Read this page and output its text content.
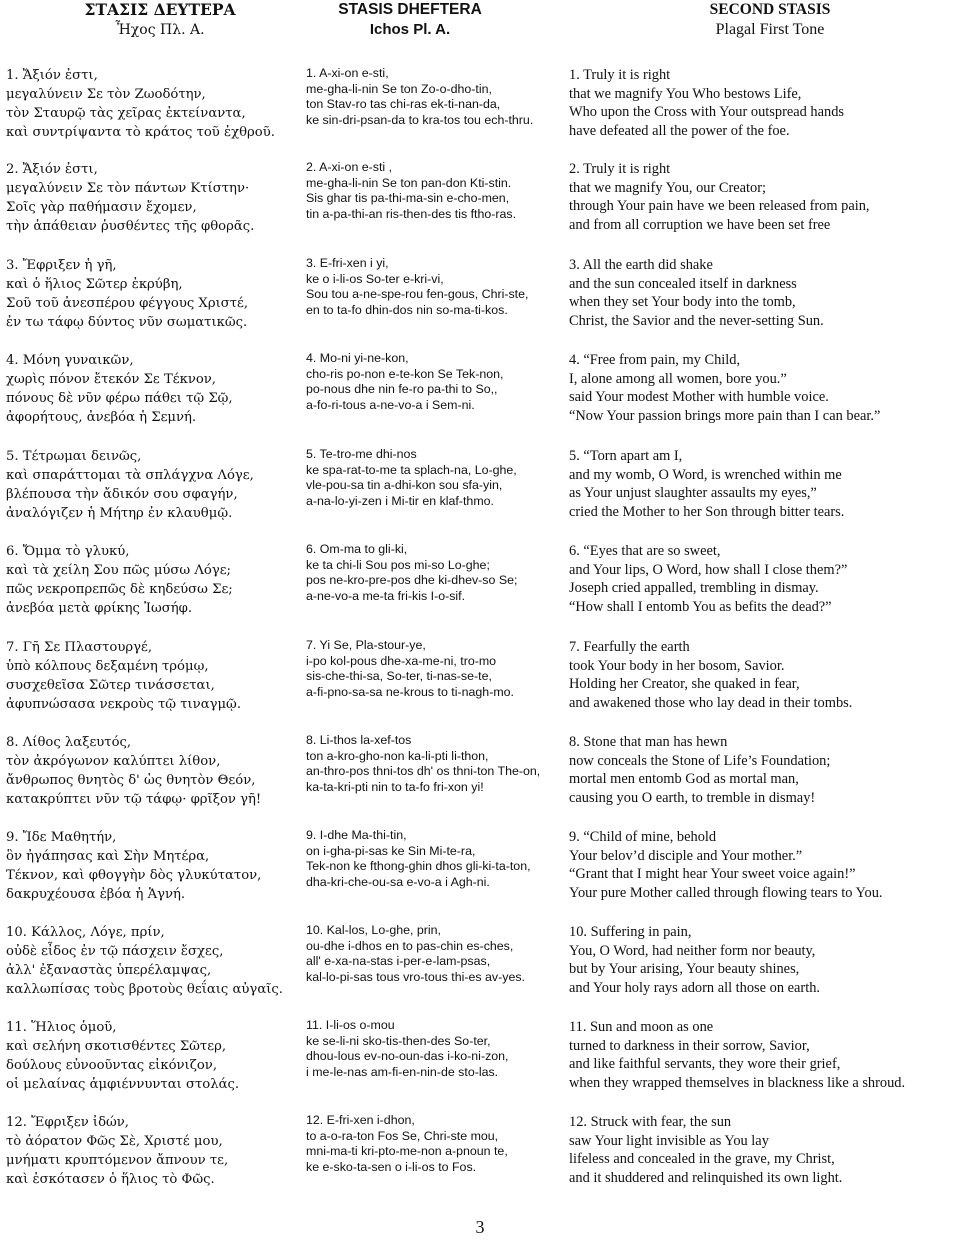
ΣΤΑΣΙΣ ΔΕΥΤΕΡΑ
Ἦχος Πλ. Α.
STASIS DHEFTERA
Ichos Pl. A.
SECOND STASIS
Plagal First Tone
1. Ἄξιόν ἐστι,
μεγαλύνειν Σε τὸν Ζωοδότην,
τὸν Σταυρῷ τὰς χεῖρας ἐκτείναντα,
καὶ συντρίψαντα τὸ κράτος τοῦ ἐχθροῦ.
2. Ἄξιόν ἐστι,
μεγαλύνειν Σε τὸν πάντων Κτίστην·
Σοῖς γὰρ παθήμασιν ἔχομεν,
τὴν ἀπάθειαν ῥυσθέντες τῆς φθορᾶς.
3. Ἔφριξεν ἡ γῆ,
καὶ ὁ ἥλιος Σῶτερ ἐκρύβη,
Σοῦ τοῦ ἀνεσπέρου φέγγους Χριστέ,
ἐν τω τάφῳ δύντος νῦν σωματικῶς.
4. Μόνη γυναικῶν,
χωρὶς πόνον ἔτεκόν Σε Τέκνον,
πόνους δὲ νῦν φέρω πάθει τῷ Σῷ,
ἀφορήτους, ἀνεβόα ἡ Σεμνή.
5. Τέτρωμαι δεινῶς,
καὶ σπαράττομαι τὰ σπλάγχνα Λόγε,
βλέπουσα τὴν ἄδικόν σου σφαγήν,
ἀναλόγιζεν ἡ Μήτηρ ἐν κλαυθμῷ.
6. Ὄμμα τὸ γλυκύ,
καὶ τὰ χείλη Σου πῶς μύσω Λόγε;
πῶς νεκροπρεπῶς δὲ κηδεύσω Σε;
ἀνεβόα μετὰ φρίκης Ἰωσήφ.
7. Γῆ Σε Πλαστουργέ,
ὑπὸ κόλπους δεξαμένη τρόμῳ,
συσχεθεῖσα Σῶτερ τινάσσεται,
ἀφυπνώσασα νεκροὺς τῷ τιναγμῷ.
8. Λίθος λαξευτός,
τὸν ἀκρόγωνον καλύπτει λίθον,
ἄνθρωπος θνητὸς δ' ὡς θνητὸν Θεόν,
κατακρύπτει νῦν τῷ τάφῳ· φρῖξον γῆ!
9. Ἴδε Μαθητήν,
ὃν ἠγάπησας καὶ Σὴν Μητέρα,
Τέκνον, καὶ φθογγὴν δὸς γλυκύτατον,
δακρυχέουσα ἐβόα ἡ Ἁγνή.
10. Κάλλος, Λόγε, πρίν,
οὐδὲ εἶδος ἐν τῷ πάσχειν ἔσχες,
ἀλλ' ἐξαναστὰς ὑπερέλαμψας,
καλλωπίσας τοὺς βροτοὺς θεΐαις αὐγαῖς.
11. Ἥλιος ὁμοῦ,
καὶ σελήνη σκοτισθέντες Σῶτερ,
δούλους εὐνοοῦντας εἰκόνιζον,
οἱ μελαίνας ἀμφιέννυνται στολάς.
12. Ἔφριξεν ἰδών,
τὸ ἀόρατον Φῶς Σὲ, Χριστέ μου,
μνήματι κρυπτόμενον ἄπνουν τε,
καὶ ἐσκότασεν ὁ ἥλιος τὸ Φῶς.
1. A-xi-on e-sti,
me-gha-li-nin Se ton Zo-o-dho-tin,
ton Stav-ro tas chi-ras ek-ti-nan-da,
ke sin-dri-psan-da to kra-tos tou ech-thru.
2. A-xi-on e-sti ,
me-gha-li-nin Se ton pan-don Kti-stin.
Sis ghar tis pa-thi-ma-sin e-cho-men,
tin a-pa-thi-an ris-then-des tis ftho-ras.
3. E-fri-xen i yi,
ke o i-li-os So-ter e-kri-vi,
Sou tou a-ne-spe-rou fen-gous, Chri-ste,
en to ta-fo dhin-dos nin so-ma-ti-kos.
4. Mo-ni yi-ne-kon,
cho-ris po-non e-te-kon Se Tek-non,
po-nous dhe nin fe-ro pa-thi to So,,
a-fo-ri-tous a-ne-vo-a i Sem-ni.
5. Te-tro-me dhi-nos
ke spa-rat-to-me ta splach-na, Lo-ghe,
vle-pou-sa tin a-dhi-kon sou sfa-yin,
a-na-lo-yi-zen i Mi-tir en klaf-thmo.
6. Om-ma to gli-ki,
ke ta chi-li Sou pos mi-so Lo-ghe;
pos ne-kro-pre-pos dhe ki-dhev-so Se;
a-ne-vo-a me-ta fri-kis I-o-sif.
7. Yi Se, Pla-stour-ye,
i-po kol-pous dhe-xa-me-ni, tro-mo
sis-che-thi-sa, So-ter, ti-nas-se-te,
a-fi-pno-sa-sa ne-krous to ti-nagh-mo.
8. Li-thos la-xef-tos
ton a-kro-gho-non ka-li-pti li-thon,
an-thro-pos thni-tos dh' os thni-ton The-on,
ka-ta-kri-pti nin to ta-fo fri-xon yi!
9. I-dhe Ma-thi-tin,
on i-gha-pi-sas ke Sin Mi-te-ra,
Tek-non ke fthong-ghin dhos gli-ki-ta-ton,
dha-kri-che-ou-sa e-vo-a i Agh-ni.
10. Kal-los, Lo-ghe, prin,
ou-dhe i-dhos en to pas-chin es-ches,
all' e-xa-na-stas i-per-e-lam-psas,
kal-lo-pi-sas tous vro-tous thi-es av-yes.
11. I-li-os o-mou
ke se-li-ni sko-tis-then-des So-ter,
dhou-lous ev-no-oun-das i-ko-ni-zon,
i me-le-nas am-fi-en-nin-de sto-las.
12. E-fri-xen i-dhon,
to a-o-ra-ton Fos Se, Chri-ste mou,
mni-ma-ti kri-pto-me-non a-pnoun te,
ke e-sko-ta-sen o i-li-os to Fos.
1. Truly it is right
that we magnify You Who bestows Life,
Who upon the Cross with Your outspread hands
have defeated all the power of the foe.
2. Truly it is right
that we magnify You, our Creator;
through Your pain have we been released from pain,
and from all corruption we have been set free
3. All the earth did shake
and the sun concealed itself in darkness
when they set Your body into the tomb,
Christ, the Savior and the never-setting Sun.
4. “Free from pain, my Child,
I, alone among all women, bore you.”
said Your modest Mother with humble voice.
“Now Your passion brings more pain than I can bear.”
5. “Torn apart am I,
and my womb, O Word, is wrenched within me
as Your unjust slaughter assaults my eyes,”
cried the Mother to her Son through bitter tears.
6. “Eyes that are so sweet,
and Your lips, O Word, how shall I close them?”
Joseph cried appalled, trembling in dismay.
“How shall I entomb You as befits the dead?”
7. Fearfully the earth
took Your body in her bosom, Savior.
Holding her Creator, she quaked in fear,
and awakened those who lay dead in their tombs.
8. Stone that man has hewn
now conceals the Stone of Life’s Foundation;
mortal men entomb God as mortal man,
causing you O earth, to tremble in dismay!
9. “Child of mine, behold
Your belov’d disciple and Your mother.”
“Grant that I might hear Your sweet voice again!”
Your pure Mother called through flowing tears to You.
10. Suffering in pain,
You, O Word, had neither form nor beauty,
but by Your arising, Your beauty shines,
and Your holy rays adorn all those on earth.
11. Sun and moon as one
turned to darkness in their sorrow, Savior,
and like faithful servants, they wore their grief,
when they wrapped themselves in blackness like a shroud.
12. Struck with fear, the sun
saw Your light invisible as You lay
lifeless and concealed in the grave, my Christ,
and it shuddered and relinquished its own light.
3
